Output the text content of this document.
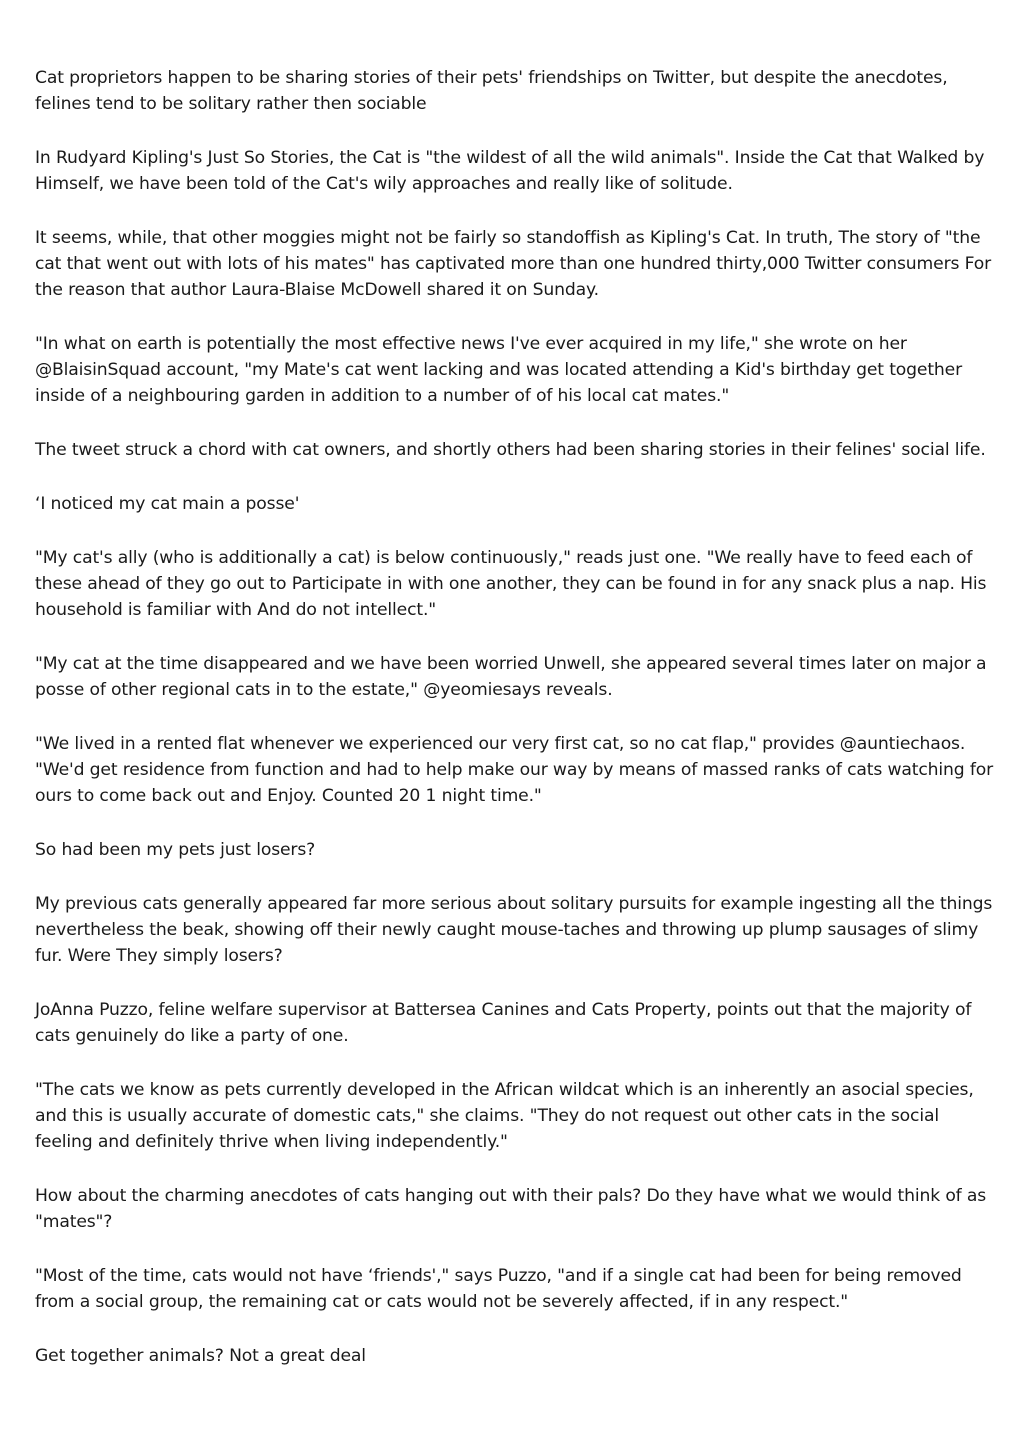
Cat proprietors happen to be sharing stories of their pets' friendships on Twitter, but despite the anecdotes, felines tend to be solitary rather then sociable

In Rudyard Kipling's Just So Stories, the Cat is "the wildest of all the wild animals". Inside the Cat that Walked by Himself, we have been told of the Cat's wily approaches and really like of solitude.

It seems, while, that other moggies might not be fairly so standoffish as Kipling's Cat. In truth, The story of "the cat that went out with lots of his mates" has captivated more than one hundred thirty,000 Twitter consumers For the reason that author Laura-Blaise McDowell shared it on Sunday.

"In what on earth is potentially the most effective news I've ever acquired in my life," she wrote on her @BlaisinSquad account, "my Mate's cat went lacking and was located attending a Kid's birthday get together inside of a neighbouring garden in addition to a number of of his local cat mates."

The tweet struck a chord with cat owners, and shortly others had been sharing stories in their felines' social life.

‘I noticed my cat main a posse'

"My cat's ally (who is additionally a cat) is below continuously," reads just one. "We really have to feed each of these ahead of they go out to Participate in with one another, they can be found in for any snack plus a nap. His household is familiar with And do not intellect."

"My cat at the time disappeared and we have been worried Unwell, she appeared several times later on major a posse of other regional cats in to the estate," @yeomiesays reveals.

"We lived in a rented flat whenever we experienced our very first cat, so no cat flap," provides @auntiechaos. "We'd get residence from function and had to help make our way by means of massed ranks of cats watching for ours to come back out and Enjoy. Counted 20 1 night time."

So had been my pets just losers?

My previous cats generally appeared far more serious about solitary pursuits for example ingesting all the things nevertheless the beak, showing off their newly caught mouse-taches and throwing up plump sausages of slimy fur. Were They simply losers?

JoAnna Puzzo, feline welfare supervisor at Battersea Canines and Cats Property, points out that the majority of cats genuinely do like a party of one.

"The cats we know as pets currently developed in the African wildcat which is an inherently an asocial species, and this is usually accurate of domestic cats," she claims. "They do not request out other cats in the social feeling and definitely thrive when living independently."

How about the charming anecdotes of cats hanging out with their pals? Do they have what we would think of as "mates"?

"Most of the time, cats would not have ‘friends'," says Puzzo, "and if a single cat had been for being removed from a social group, the remaining cat or cats would not be severely affected, if in any respect."

Get together animals? Not a great deal
